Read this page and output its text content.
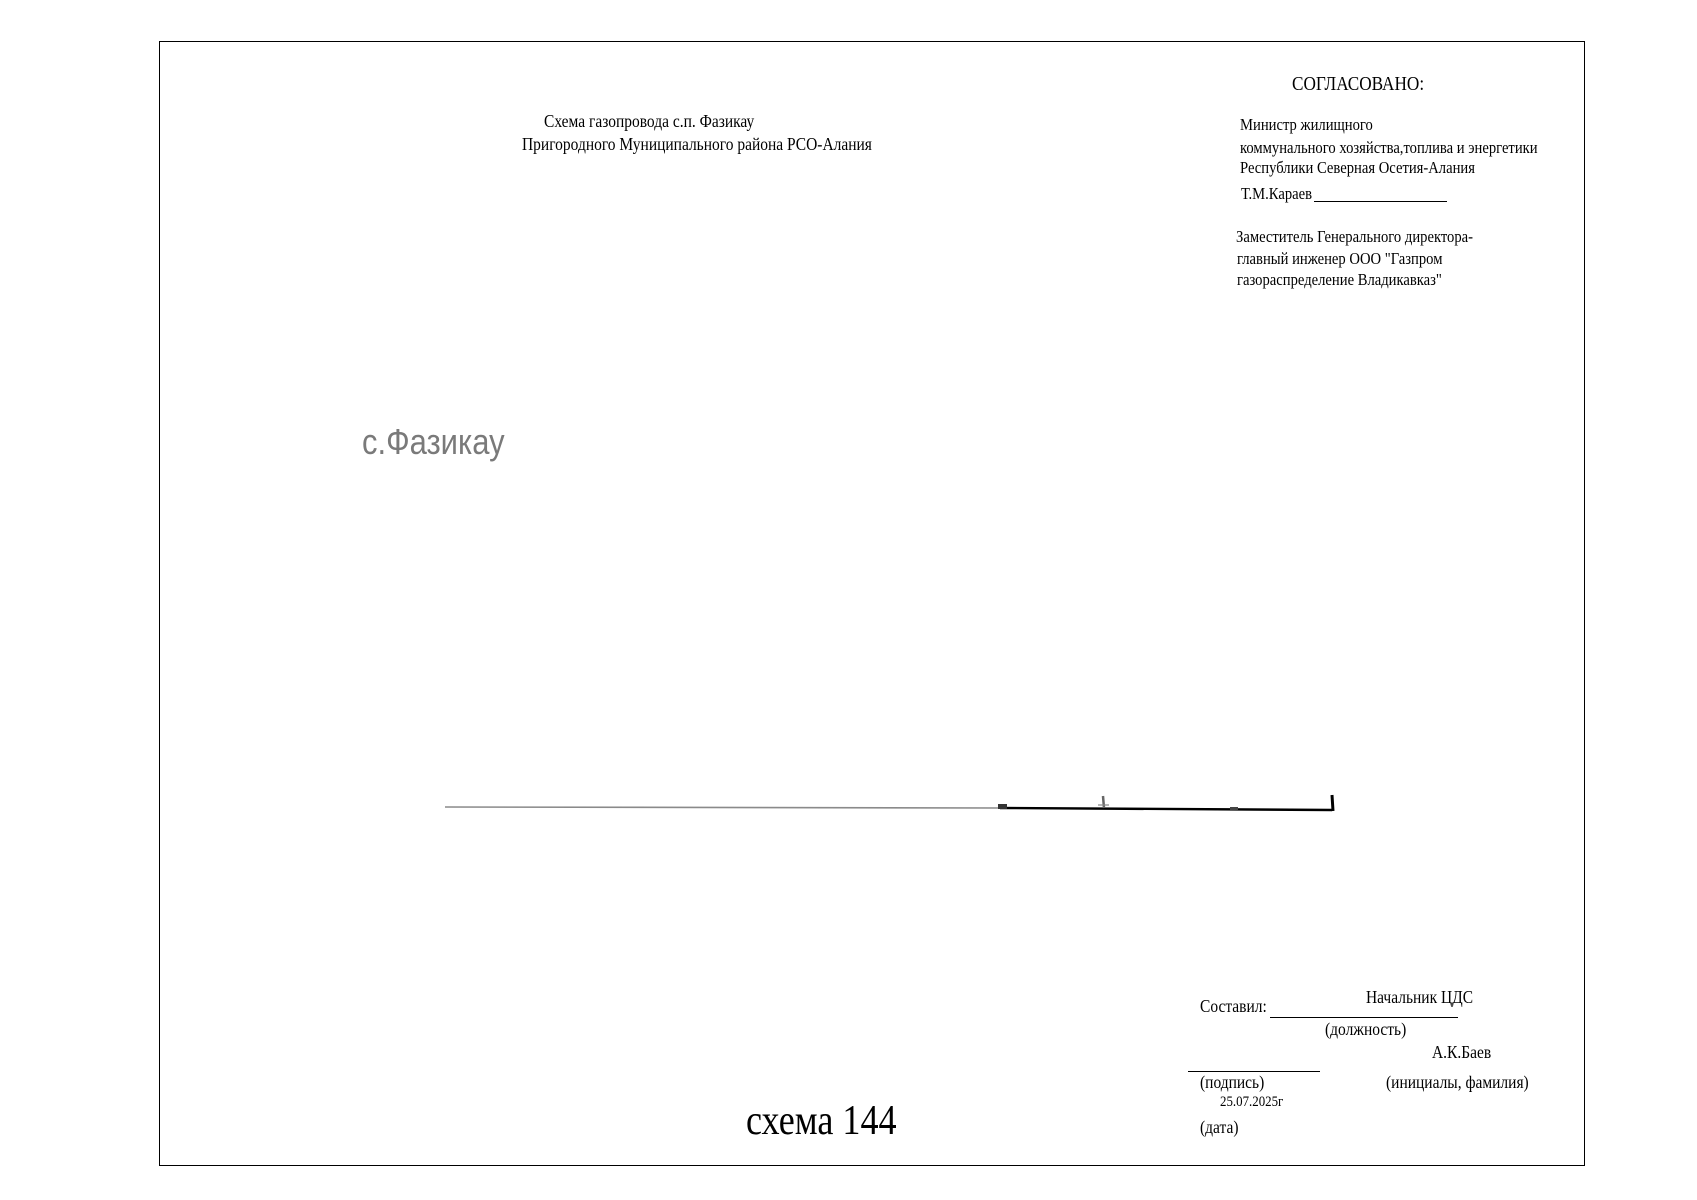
Схема газопровода с.п. Фазикау
Пригородного Муниципального района РСО-Алания
СОГЛАСОВАНО:
Министр жилищного
коммунального хозяйства,топлива и энергетики
Республики Северная Осетия-Алания
Т.М.Караев
Заместитель Генерального директора-
главный инженер ООО "Газпром
газораспределение Владикавказ"
с.Фазикау
Составил:	Начальник ЦДС
(должность)
А.К.Баев
(подпись)	(инициалы, фамилия)
25.07.2025г
(дата)
схема 144
